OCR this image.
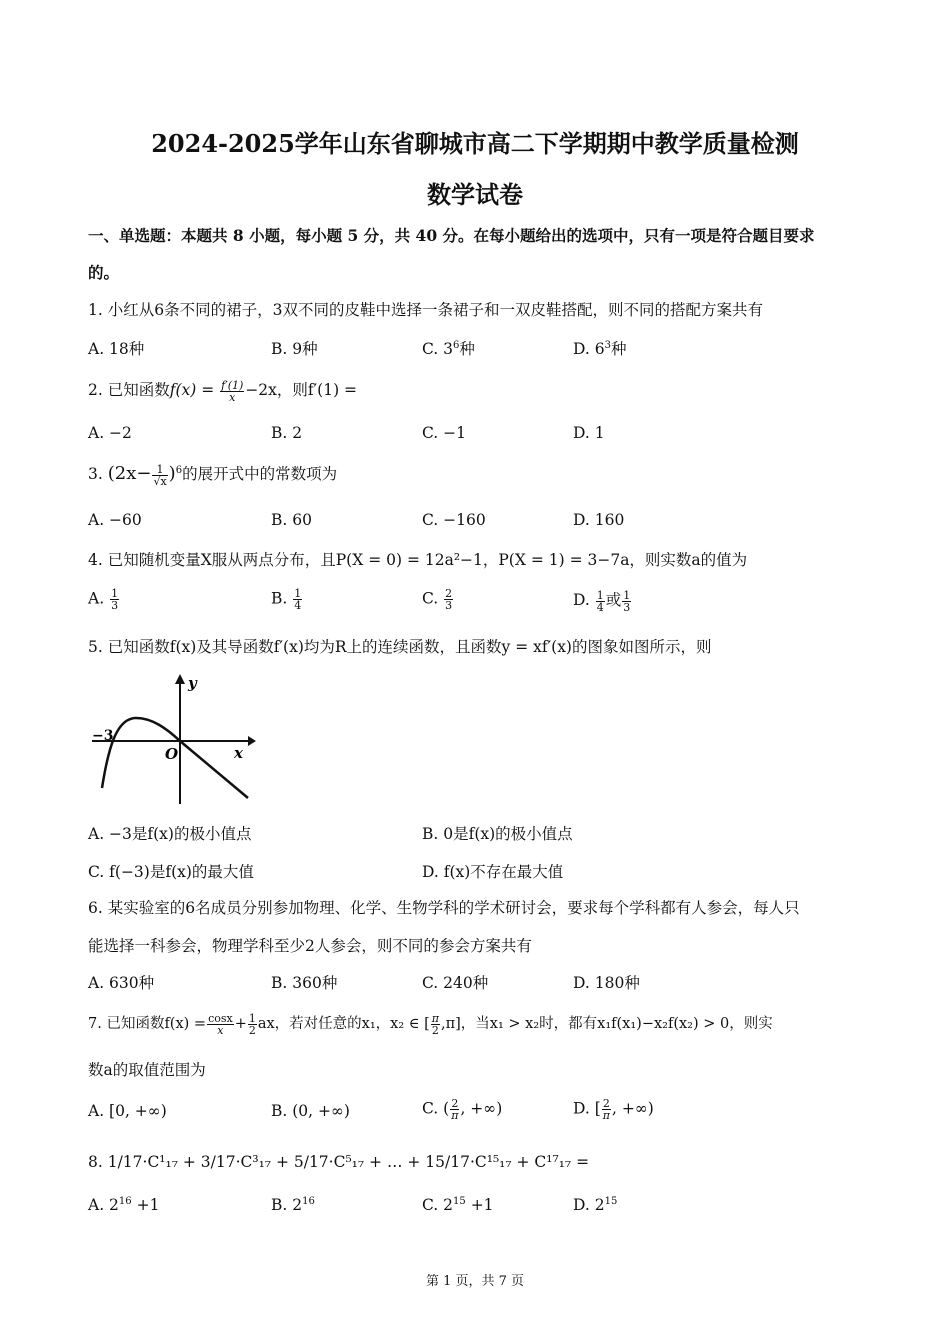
2024-2025学年山东省聊城市高二下学期期中教学质量检测
数学试卷
一、单选题：本题共 8 小题，每小题 5 分，共 40 分。在每小题给出的选项中，只有一项是符合题目要求
的。
1. 小红从6条不同的裙子，3双不同的皮鞋中选择一条裙子和一双皮鞋搭配，则不同的搭配方案共有
A. 18种	B. 9种	C. $3^6$种	D. $6^3$种
2. 已知函数$f(x) = \frac{f'(1)}{x} -2x$，则f′(1) =
A. −2	B. 2	C. −1	D. 1
3. $(2x- \frac{1}{√x} )^6$的展开式中的常数项为
A. −60	B. 60	C. −160	D. 160
4. 已知随机变量X服从两点分布，且P(X = 0) = 12a²−1，P(X = 1) = 3−7a，则实数a的值为
A. $\frac{1}{3}$	B. $\frac{1}{4}$	C. $\frac{2}{3}$	D. $\frac{1}{4}$ 或 $\frac{1}{3}$
5. 已知函数f(x)及其导函数f′(x)均为R上的连续函数，且函数y = xf′(x)的图象如图所示，则
y
x
O
−3
A. −3是f(x)的极小值点	B. 0是f(x)的极小值点
C. f(−3)是f(x)的最大值	D. f(x)不存在最大值
6. 某实验室的6名成员分别参加物理、化学、生物学科的学术研讨会，要求每个学科都有人参会，每人只
能选择一科参会，物理学科至少2人参会，则不同的参会方案共有
A. 630种	B. 360种	C. 240种	D. 180种
7. 已知函数$f(x) = \frac{\cos x}{x} + \frac{1}{2}$ ax，若对任意的x₁，x₂ ∈ [ $\frac{\pi}{2} ,\pi$]，当x₁ > x₂时，都有x₁f(x₁)−x₂f(x₂) > 0，则实
数a的取值范围为
A. [0, +∞)	B. (0, +∞)	C. ( $\frac{2}{\pi}$ , +∞)	D. [ $\frac{2}{\pi}$ , +∞)
8. 1/17·C¹₁₇ + 3/17·C³₁₇ + 5/17·C⁵₁₇ + … + 15/17·C¹⁵₁₇ + C¹⁷₁₇ =
A. $2^{16} +1$	B. $2^{16}$	C. $2^{15} +1$	D. $2^{15}$
第 1 页，共 7 页
